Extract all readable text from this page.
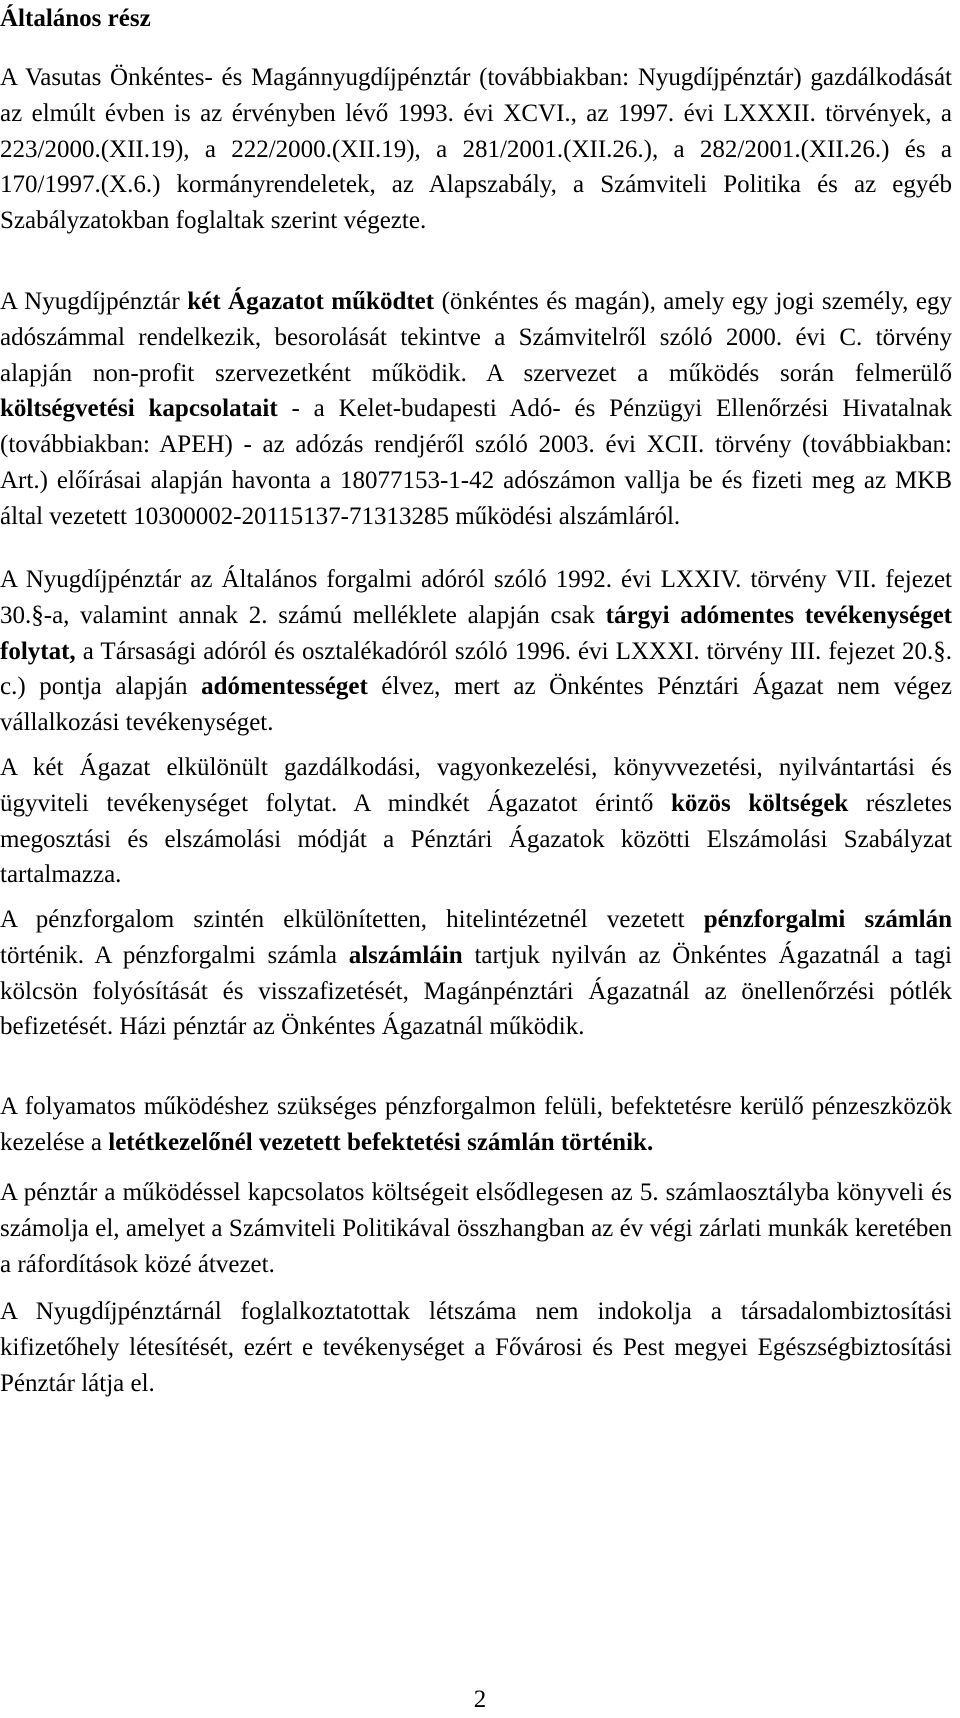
Általános rész

A Vasutas Önkéntes- és Magánnyugdíjpénztár (továbbiakban: Nyugdíjpénztár) gazdálkodását az elmúlt évben is az érvényben lévő 1993. évi XCVI., az 1997. évi LXXXII. törvények, a 223/2000.(XII.19), a 222/2000.(XII.19), a 281/2001.(XII.26.), a 282/2001.(XII.26.) és a 170/1997.(X.6.) kormányrendeletek, az Alapszabály, a Számviteli Politika és az egyéb Szabályzatokban foglaltak szerint végezte.

A Nyugdíjpénztár két Ágazatot működtet (önkéntes és magán), amely egy jogi személy, egy adószámmal rendelkezik, besorolását tekintve a Számvitelről szóló 2000. évi C. törvény alapján non-profit szervezetként működik. A szervezet a működés során felmerülő költségvetési kapcsolatait - a Kelet-budapesti Adó- és Pénzügyi Ellenőrzési Hivatalnak (továbbiakban: APEH) - az adózás rendjéről szóló 2003. évi XCII. törvény (továbbiakban: Art.) előírásai alapján havonta a 18077153-1-42 adószámon vallja be és fizeti meg az MKB által vezetett 10300002-20115137-71313285 működési alszámláról.

A Nyugdíjpénztár az Általános forgalmi adóról szóló 1992. évi LXXIV. törvény VII. fejezet 30.§-a, valamint annak 2. számú melléklete alapján csak tárgyi adómentes tevékenységet folytat, a Társasági adóról és osztalékadóról szóló 1996. évi LXXXI. törvény III. fejezet 20.§. c.) pontja alapján adómentességet élvez, mert az Önkéntes Pénztári Ágazat nem végez vállalkozási tevékenységet.

A két Ágazat elkülönült gazdálkodási, vagyonkezelési, könyvvezetési, nyilvántartási és ügyviteli tevékenységet folytat. A mindkét Ágazatot érintő közös költségek részletes megosztási és elszámolási módját a Pénztári Ágazatok közötti Elszámolási Szabályzat tartalmazza.

A pénzforgalom szintén elkülönítetten, hitelintézetnél vezetett pénzforgalmi számlán történik. A pénzforgalmi számla alszámláin tartjuk nyilván az Önkéntes Ágazatnál a tagi kölcsön folyósítását és visszafizetését, Magánpénztári Ágazatnál az önellenőrzési pótlék befizetését. Házi pénztár az Önkéntes Ágazatnál működik.

A folyamatos működéshez szükséges pénzforgalmon felüli, befektetésre kerülő pénzeszközök kezelése a letétkezelőnél vezetett befektetési számlán történik.

A pénztár a működéssel kapcsolatos költségeit elsődlegesen az 5. számlaosztályba könyveli és számolja el, amelyet a Számviteli Politikával összhangban az év végi zárlati munkák keretében a ráfordítások közé átvezet.

A Nyugdíjpénztárnál foglalkoztatottak létszáma nem indokolja a társadalombiztosítási kifizetőhely létesítését, ezért e tevékenységet a Fővárosi és Pest megyei Egészségbiztosítási Pénztár látja el.

2
